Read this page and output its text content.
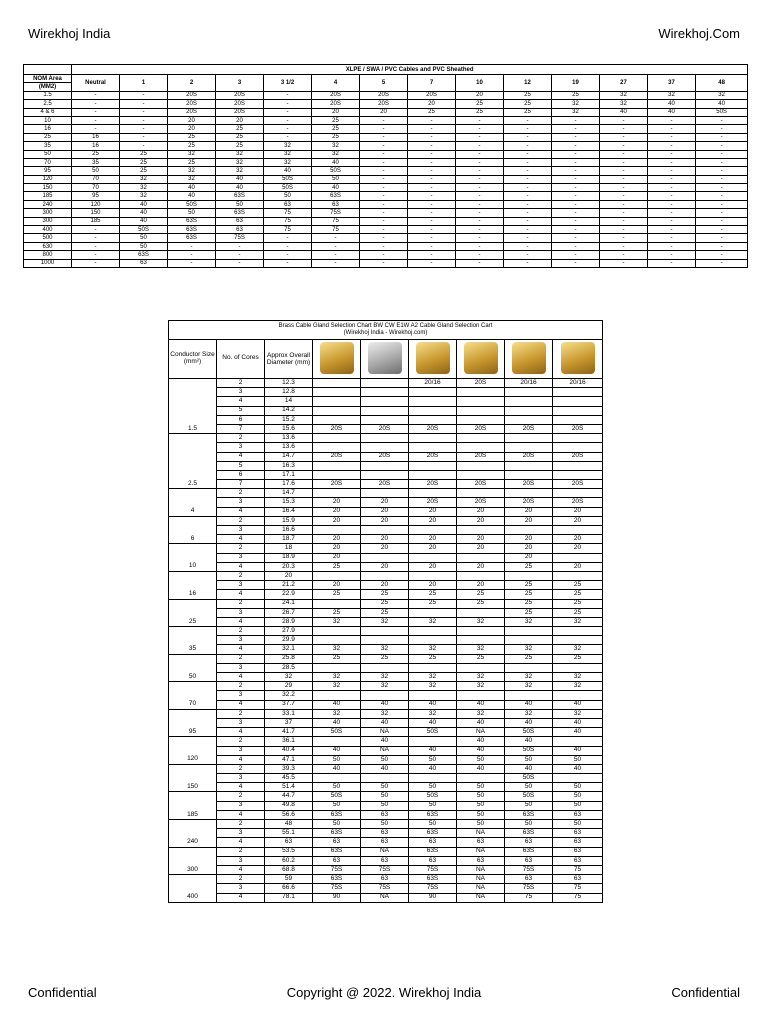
Wirekhoj India	Wirekhoj.Com
	XLPE / SWA / PVC Cables and PVC Sheathed													
NOM Area	Neutral	1	2	3	3 1/2	4	5	7	10	12	19	27	37	48
(MM2)														
1.5	-	-	20S	20S	-	20S	20S	20S	20	25	25	32	32	32
2.5	-	-	20S	20S	-	20S	20S	20	25	25	32	32	40	40
4 & 6	-	-	20S	20S	-	20	20	25	25	25	32	40	40	50S
10	-	-	20	20	-	25	-	-	-	-	-	-	-	-
16	-	-	20	25	-	25	-	-	-	-	-	-	-	-
25	16	-	25	25	-	25	-	-	-	-	-	-	-	-
35	16	-	25	25	32	32	-	-	-	-	-	-	-	-
50	25	25	32	32	32	32	-	-	-	-	-	-	-	-
70	35	25	25	32	32	40	-	-	-	-	-	-	-	-
95	50	25	32	32	40	50S	-	-	-	-	-	-	-	-
120	70	32	32	40	50S	50	-	-	-	-	-	-	-	-
150	70	32	40	40	50S	40	-	-	-	-	-	-	-	-
185	95	32	40	63S	50	63S	-	-	-	-	-	-	-	-
240	120	40	50S	50	63	63	-	-	-	-	-	-	-	-
300	150	40	50	63S	75	75S	-	-	-	-	-	-	-	-
300	185	40	63S	63	75	75	-	-	-	-	-	-	-	-
400	-	50S	63S	63	75	75	-	-	-	-	-	-	-	-
500	-	50	63S	75S	-	-	-	-	-	-	-	-	-	-
630	-	50	-	-	-	-	-	-	-	-	-	-	-	-
800	-	63S	-	-	-	-	-	-	-	-	-	-	-	-
1000	-	63	-	-	-	-	-	-	-	-	-	-	-	-
Brass Cable Gland Selection Chart BW CW E1W A2 Cable Gland Selection Cart
(Wirekhoj India - Wirekhoj.com)								
Conductor Size (mm²)	No. of Cores	Approx Overall Diameter (mm)						
1.5	2	12.3			20/16	20S	20/16	20/16
	3	12.8						
	4	14						
	5	14.2						
	6	15.2						
	7	15.6	20S	20S	20S	20S	20S	20S
2.5	2	13.6						
	3	13.6						
	4	14.7	20S	20S	20S	20S	20S	20S
	5	16.3						
	6	17.1						
	7	17.6	20S	20S	20S	20S	20S	20S
4	2	14.7						
	3	15.3	20	20	20S	20S	20S	20S
	4	16.4	20	20	20	20	20	20
6	2	15.9	20	20	20	20	20	20
	3	16.6						
	4	18.7	20	20	20	20	20	20
10	2	18	20	20	20	20	20	20
	3	18.9	20				20	
	4	20.3	25	20	20	20	25	20
16	2	20						
	3	21.2	20	20	20	20	25	25
	4	22.9	25	25	25	25	25	25
25	2	24.1		25	25	25	25	25
	3	26.7	25	25			25	25
	4	28.9	32	32	32	32	32	32
35	2	27.9						
	3	29.9						
	4	32.1	32	32	32	32	32	32
50	2	25.8	25	25	25	25	25	25
	3	28.5						
	4	32	32	32	32	32	32	32
70	2	29	32	32	32	32	32	32
	3	32.2						
	4	37.7	40	40	40	40	40	40
95	2	33.1	32	32	32	32	32	32
	3	37	40	40	40	40	40	40
	4	41.7	50S	NA	50S	NA	50S	40
120	2	36.1		40		40	40	
	3	40.4	40	NA	40	40	50S	40
	4	47.1	50	50	50	50	50	50
150	2	39.3	40	40	40	40	40	40
	3	45.5					50S	
	4	51.4	50	50	50	50	50	50
185	2	44.7	50S	50	50S	50	50S	50
	3	49.8	50	50	50	50	50	50
	4	56.6	63S	63	63S	50	63S	63
240	2	48	50	50	50	50	50	50
	3	55.1	63S	63	63S	NA	63S	63
	4	63	63	63	63	63	63	63
300	2	53.5	63S	NA	63S	NA	63S	63
	3	60.2	63	63	63	63	63	63
	4	68.8	75S	75S	75S	NA	75S	75
400	2	59	63S	63	63S	NA	63	63
	3	66.6	75S	75S	75S	NA	75S	75
	4	78.1	90	NA	90	NA	75	75
Confidential	Copyright @ 2022. Wirekhoj India	Confidential
